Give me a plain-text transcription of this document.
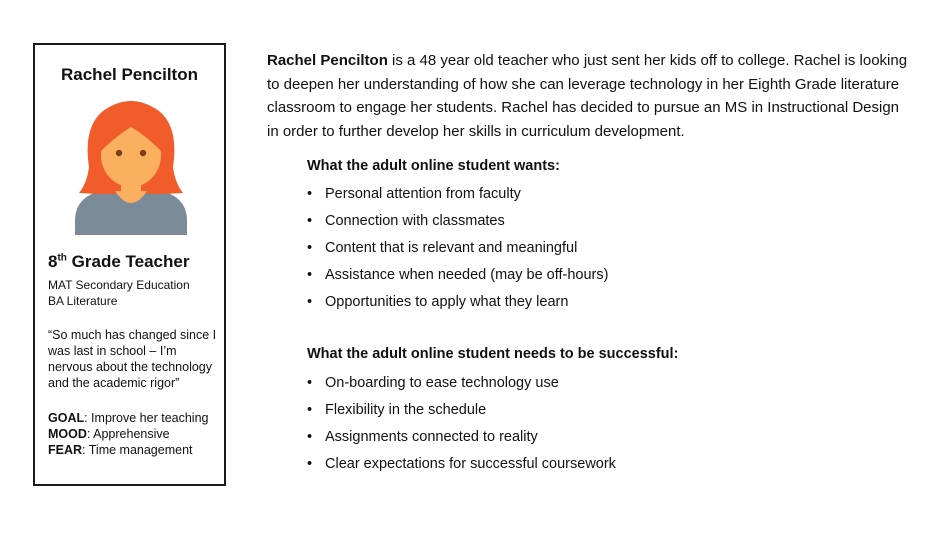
Rachel Pencilton
8th Grade Teacher
MAT Secondary Education
BA Literature
“So much has changed since I was last in school – I’m nervous about the technology and the academic rigor”
GOAL: Improve her teaching
MOOD: Apprehensive
FEAR: Time management
Rachel Pencilton is a 48 year old teacher who just sent her kids off to college. Rachel is looking to deepen her understanding of how she can leverage technology in her Eighth Grade literature classroom to engage her students. Rachel has decided to pursue an MS in Instructional Design in order to further develop her skills in curriculum development.
What the adult online student wants:
• Personal attention from faculty
• Connection with classmates
• Content that is relevant and meaningful
• Assistance when needed (may be off-hours)
• Opportunities to apply what they learn
What the adult online student needs to be successful:
• On-boarding to ease technology use
• Flexibility in the schedule
• Assignments connected to reality
• Clear expectations for successful coursework
